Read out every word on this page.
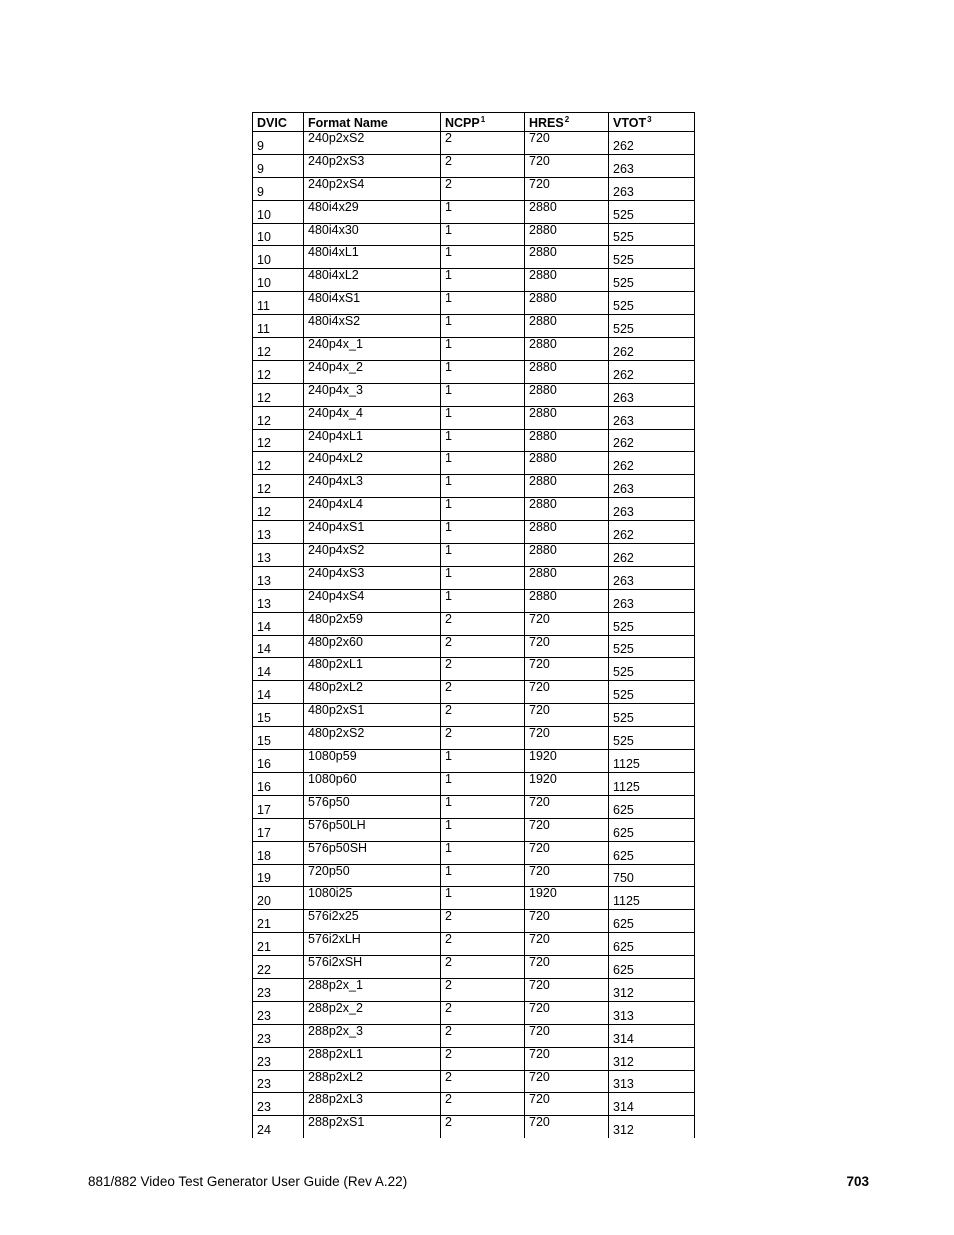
DVIC	Format Name	NCPP$^1$	HRES$^2$	VTOT$^3$
9	240p2xS2	2	720	262
9	240p2xS3	2	720	263
9	240p2xS4	2	720	263
10	480i4x29	1	2880	525
10	480i4x30	1	2880	525
10	480i4xL1	1	2880	525
10	480i4xL2	1	2880	525
11	480i4xS1	1	2880	525
11	480i4xS2	1	2880	525
12	240p4x_1	1	2880	262
12	240p4x_2	1	2880	262
12	240p4x_3	1	2880	263
12	240p4x_4	1	2880	263
12	240p4xL1	1	2880	262
12	240p4xL2	1	2880	262
12	240p4xL3	1	2880	263
12	240p4xL4	1	2880	263
13	240p4xS1	1	2880	262
13	240p4xS2	1	2880	262
13	240p4xS3	1	2880	263
13	240p4xS4	1	2880	263
14	480p2x59	2	720	525
14	480p2x60	2	720	525
14	480p2xL1	2	720	525
14	480p2xL2	2	720	525
15	480p2xS1	2	720	525
15	480p2xS2	2	720	525
16	1080p59	1	1920	1125
16	1080p60	1	1920	1125
17	576p50	1	720	625
17	576p50LH	1	720	625
18	576p50SH	1	720	625
19	720p50	1	720	750
20	1080i25	1	1920	1125
21	576i2x25	2	720	625
21	576i2xLH	2	720	625
22	576i2xSH	2	720	625
23	288p2x_1	2	720	312
23	288p2x_2	2	720	313
23	288p2x_3	2	720	314
23	288p2xL1	2	720	312
23	288p2xL2	2	720	313
23	288p2xL3	2	720	314
24	288p2xS1	2	720	312
881/882 Video Test Generator User Guide (Rev A.22)	703
